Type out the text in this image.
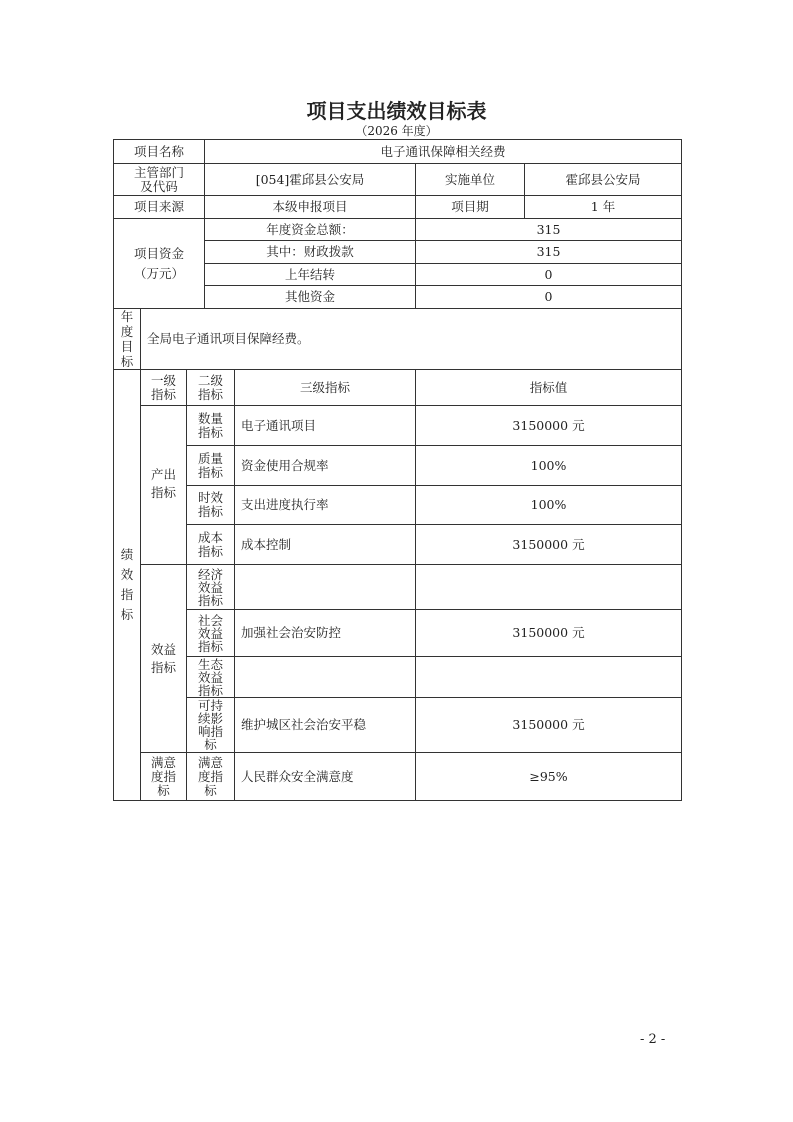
项目支出绩效目标表
（2026 年度）
项目名称	电子通讯保障相关经费		
主管部门及代码	[054]霍邱县公安局	实施单位	霍邱县公安局
项目来源	本级申报项目	项目期	1 年
项目资金（万元）	年度资金总额：	315	
	其中：财政拨款	315	
	上年结转	0	
	其他资金	0	
年度目标	全局电子通讯项目保障经费。			
绩效指标	一级指标	二级指标	三级指标	指标值
	产出指标	数量指标	电子通讯项目	3150000 元
		质量指标	资金使用合规率	100%
		时效指标	支出进度执行率	100%
		成本指标	成本控制	3150000 元
	效益指标	经济效益指标		
		社会效益指标	加强社会治安防控	3150000 元
		生态效益指标		
		可持续影响指标	维护城区社会治安平稳	3150000 元
	满意度指标	满意度指标	人民群众安全满意度	≥95%
- 2 -
